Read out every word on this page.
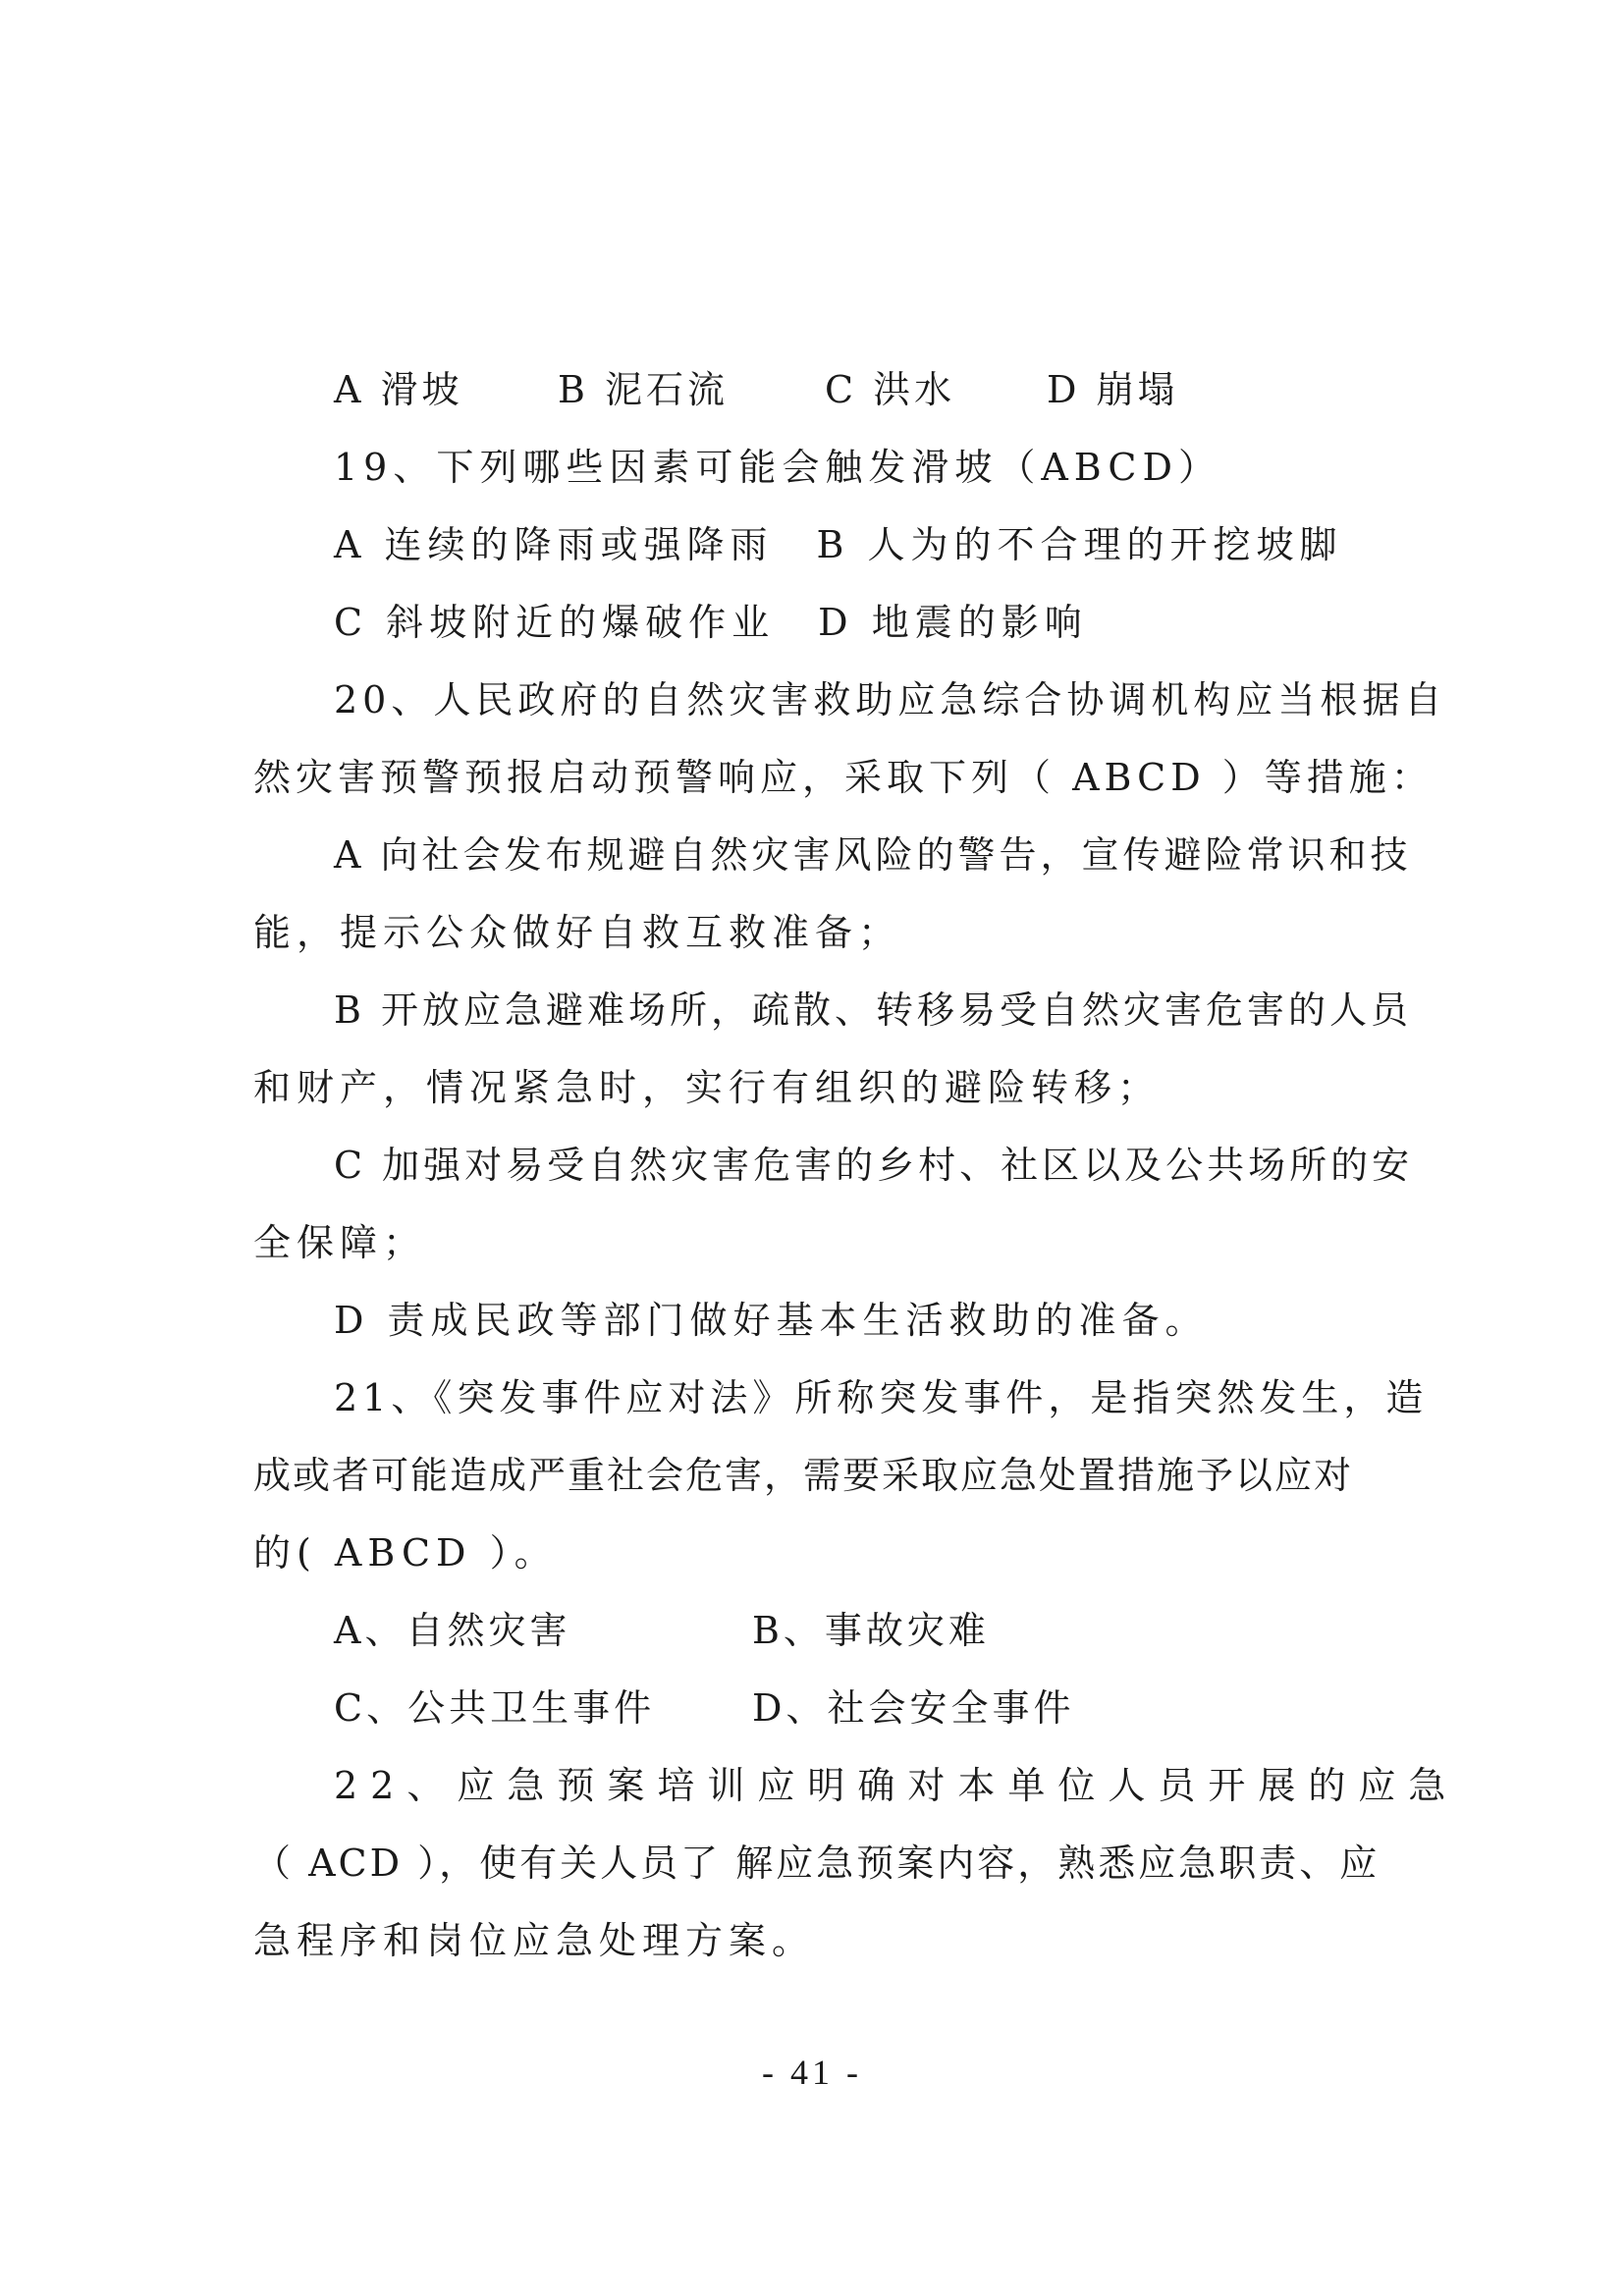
A 滑坡	B 泥石流	C 洪水	D 崩塌
19、下列哪些因素可能会触发滑坡（ABCD）
A 连续的降雨或强降雨　B 人为的不合理的开挖坡脚
C 斜坡附近的爆破作业　D 地震的影响
20、人民政府的自然灾害救助应急综合协调机构应当根据自
然灾害预警预报启动预警响应，采取下列（ ABCD ）等措施：
A 向社会发布规避自然灾害风险的警告，宣传避险常识和技
能，提示公众做好自救互救准备；
B 开放应急避难场所，疏散、转移易受自然灾害危害的人员
和财产，情况紧急时，实行有组织的避险转移；
C 加强对易受自然灾害危害的乡村、社区以及公共场所的安
全保障；
D 责成民政等部门做好基本生活救助的准备。
21、《突发事件应对法》所称突发事件，是指突然发生，造
成或者可能造成严重社会危害，需要采取应急处置措施予以应对
的( ABCD ）。
A、自然灾害	B、事故灾难
C、公共卫生事件	D、社会安全事件
22、应急预案培训应明确对本单位人员开展的应急
（ ACD ），使有关人员了 解应急预案内容，熟悉应急职责、应
急程序和岗位应急处理方案。
- 41 -
